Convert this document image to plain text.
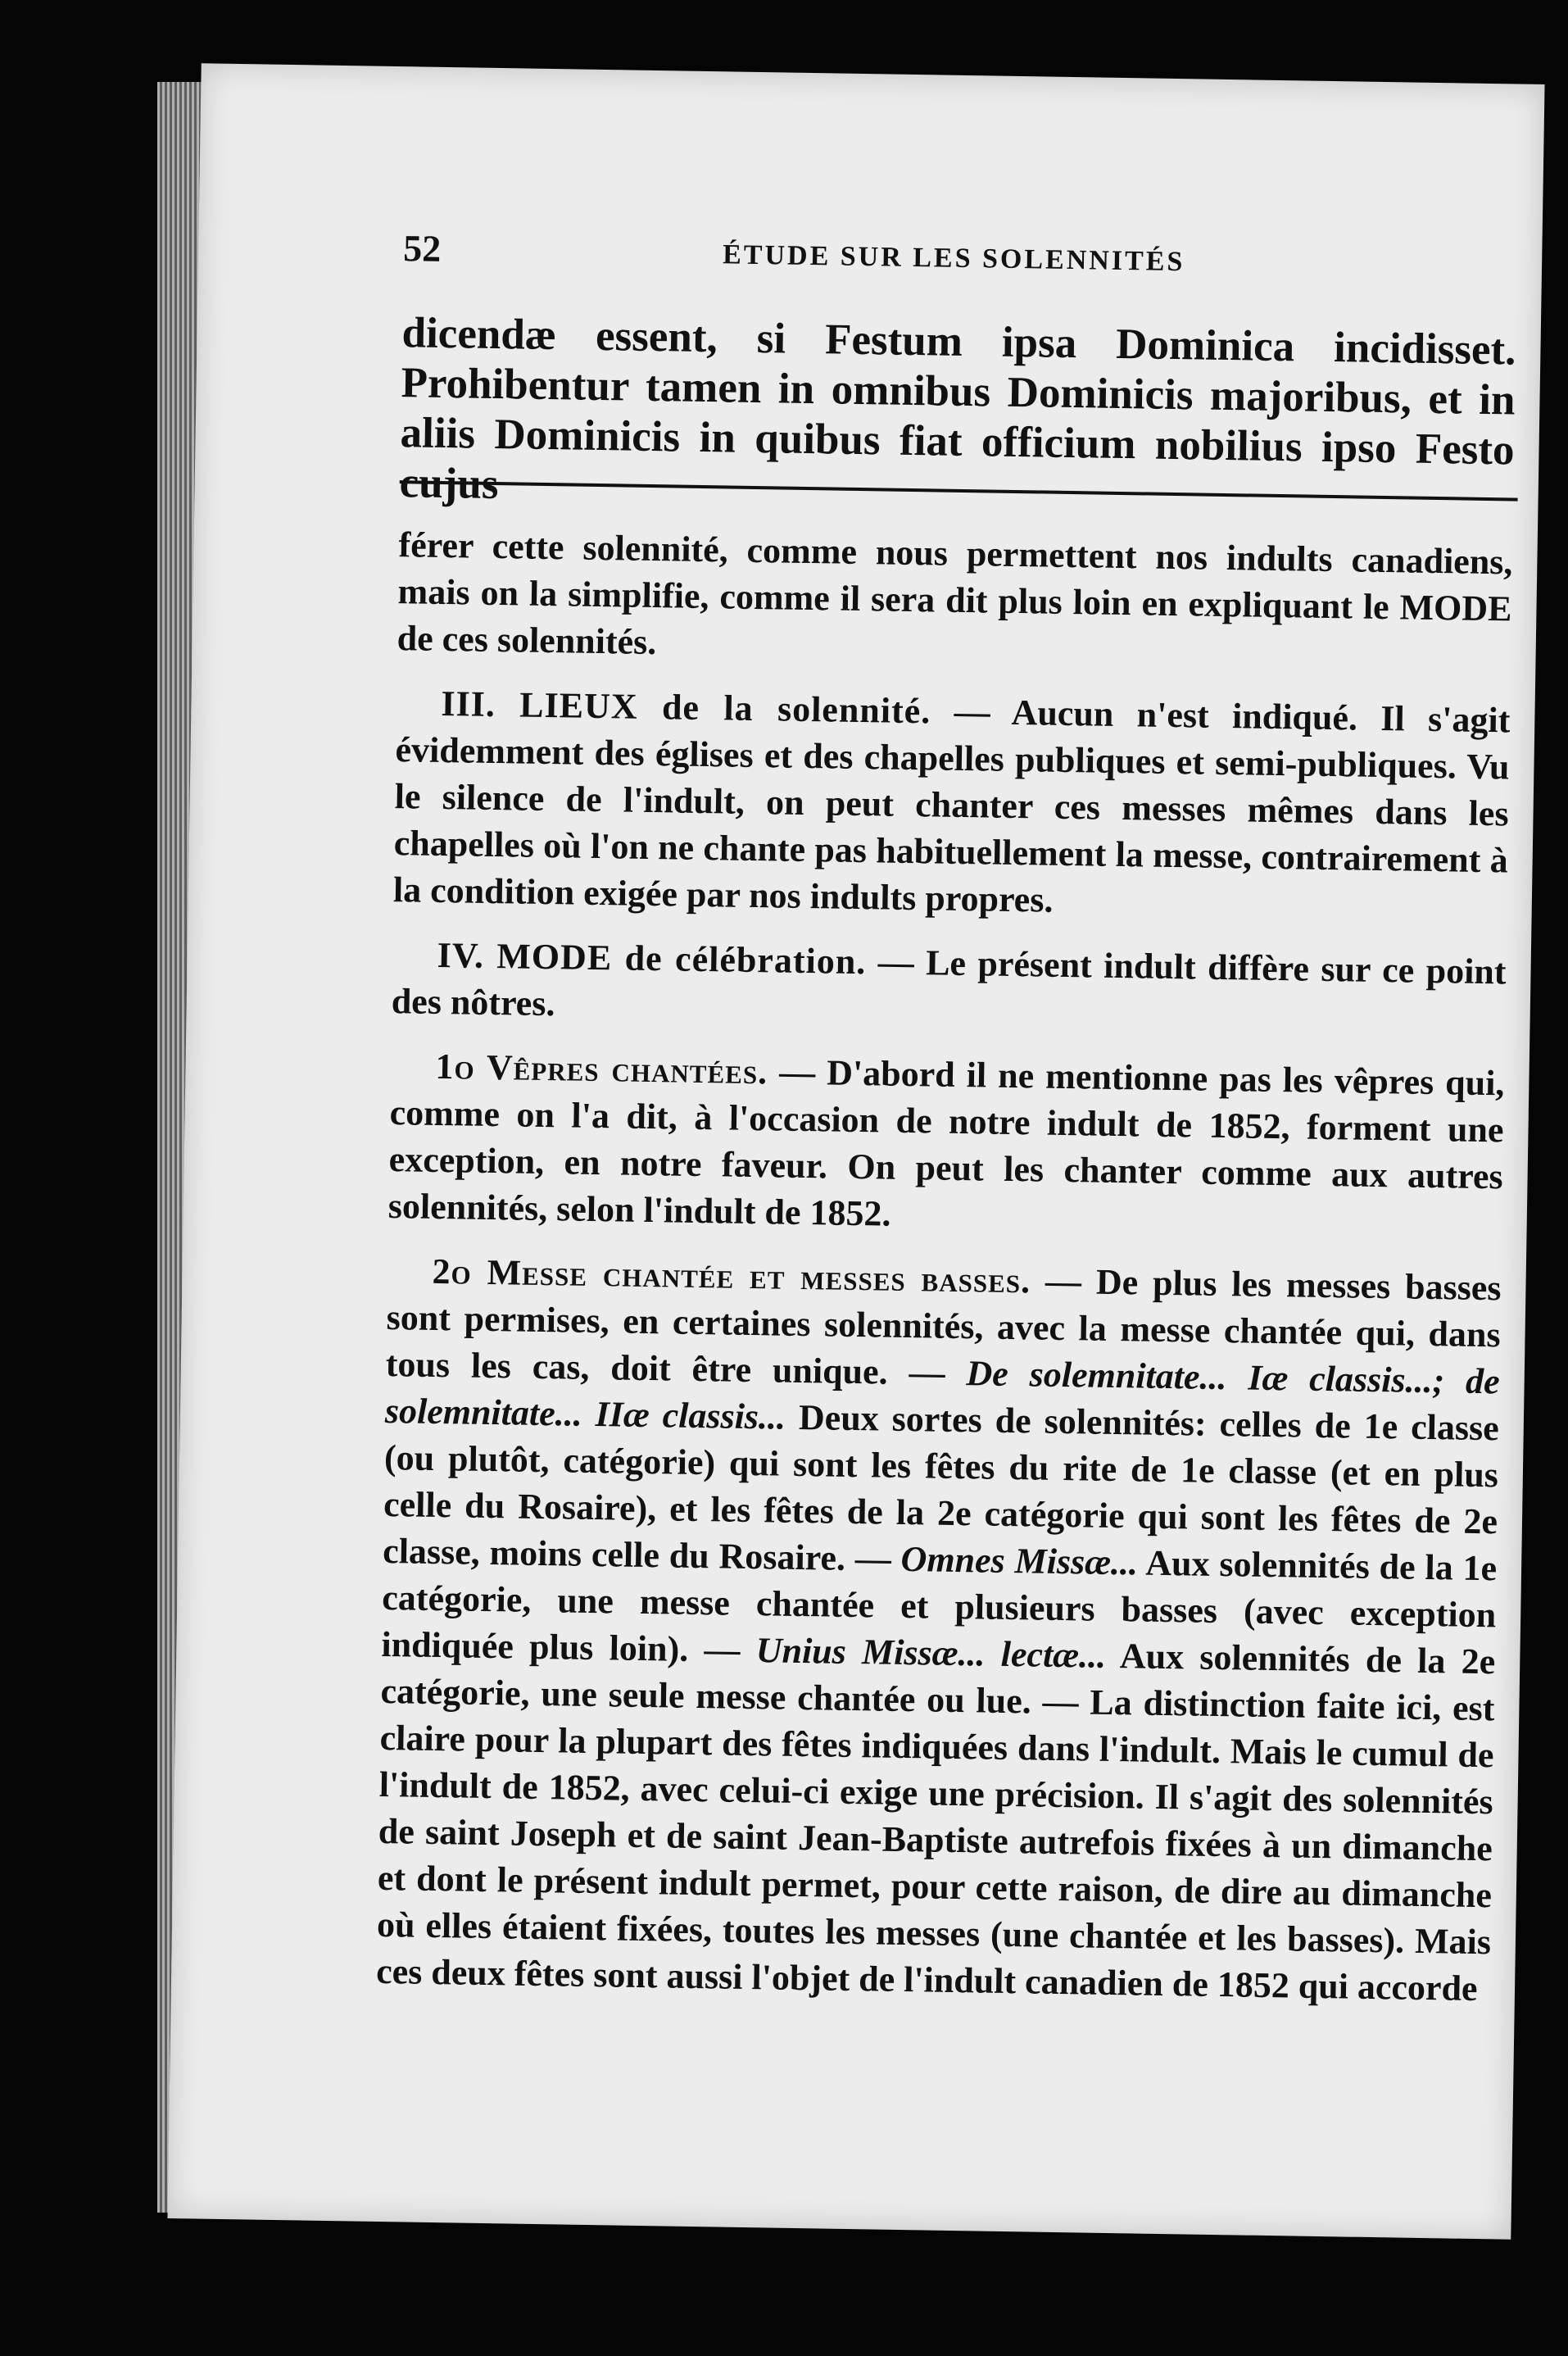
52	ÉTUDE SUR LES SOLENNITÉS

dicendæ essent, si Festum ipsa Dominica incidisset. Prohibentur tamen in omnibus Dominicis majoribus, et in aliis Dominicis in quibus fiat officium nobilius ipso Festo cujus

férer cette solennité, comme nous permettent nos indults canadiens, mais on la simplifie, comme il sera dit plus loin en expliquant le MODE de ces solennités.

III. LIEUX de la solennité. — Aucun n'est indiqué. Il s'agit évidemment des églises et des chapelles publiques et semi-publiques. Vu le silence de l'indult, on peut chanter ces messes mêmes dans les chapelles où l'on ne chante pas habituellement la messe, contrairement à la condition exigée par nos indults propres.

IV. MODE de célébration. — Le présent indult diffère sur ce point des nôtres.

1o Vêpres chantées. — D'abord il ne mentionne pas les vêpres qui, comme on l'a dit, à l'occasion de notre indult de 1852, forment une exception, en notre faveur. On peut les chanter comme aux autres solennités, selon l'indult de 1852.

2o Messe chantée et messes basses. — De plus les messes basses sont permises, en certaines solennités, avec la messe chantée qui, dans tous les cas, doit être unique. — De solemnitate... Iæ classis...; de solemnitate... IIæ classis... Deux sortes de solennités: celles de 1e classe (ou plutôt, catégorie) qui sont les fêtes du rite de 1e classe (et en plus celle du Rosaire), et les fêtes de la 2e catégorie qui sont les fêtes de 2e classe, moins celle du Rosaire. — Omnes Missæ... Aux solennités de la 1e catégorie, une messe chantée et plusieurs basses (avec exception indiquée plus loin). — Unius Missæ... lectæ... Aux solennités de la 2e catégorie, une seule messe chantée ou lue. — La distinction faite ici, est claire pour la plupart des fêtes indiquées dans l'indult. Mais le cumul de l'indult de 1852, avec celui-ci exige une précision. Il s'agit des solennités de saint Joseph et de saint Jean-Baptiste autrefois fixées à un dimanche et dont le présent indult permet, pour cette raison, de dire au dimanche où elles étaient fixées, toutes les messes (une chantée et les basses). Mais ces deux fêtes sont aussi l'objet de l'indult canadien de 1852 qui accorde
